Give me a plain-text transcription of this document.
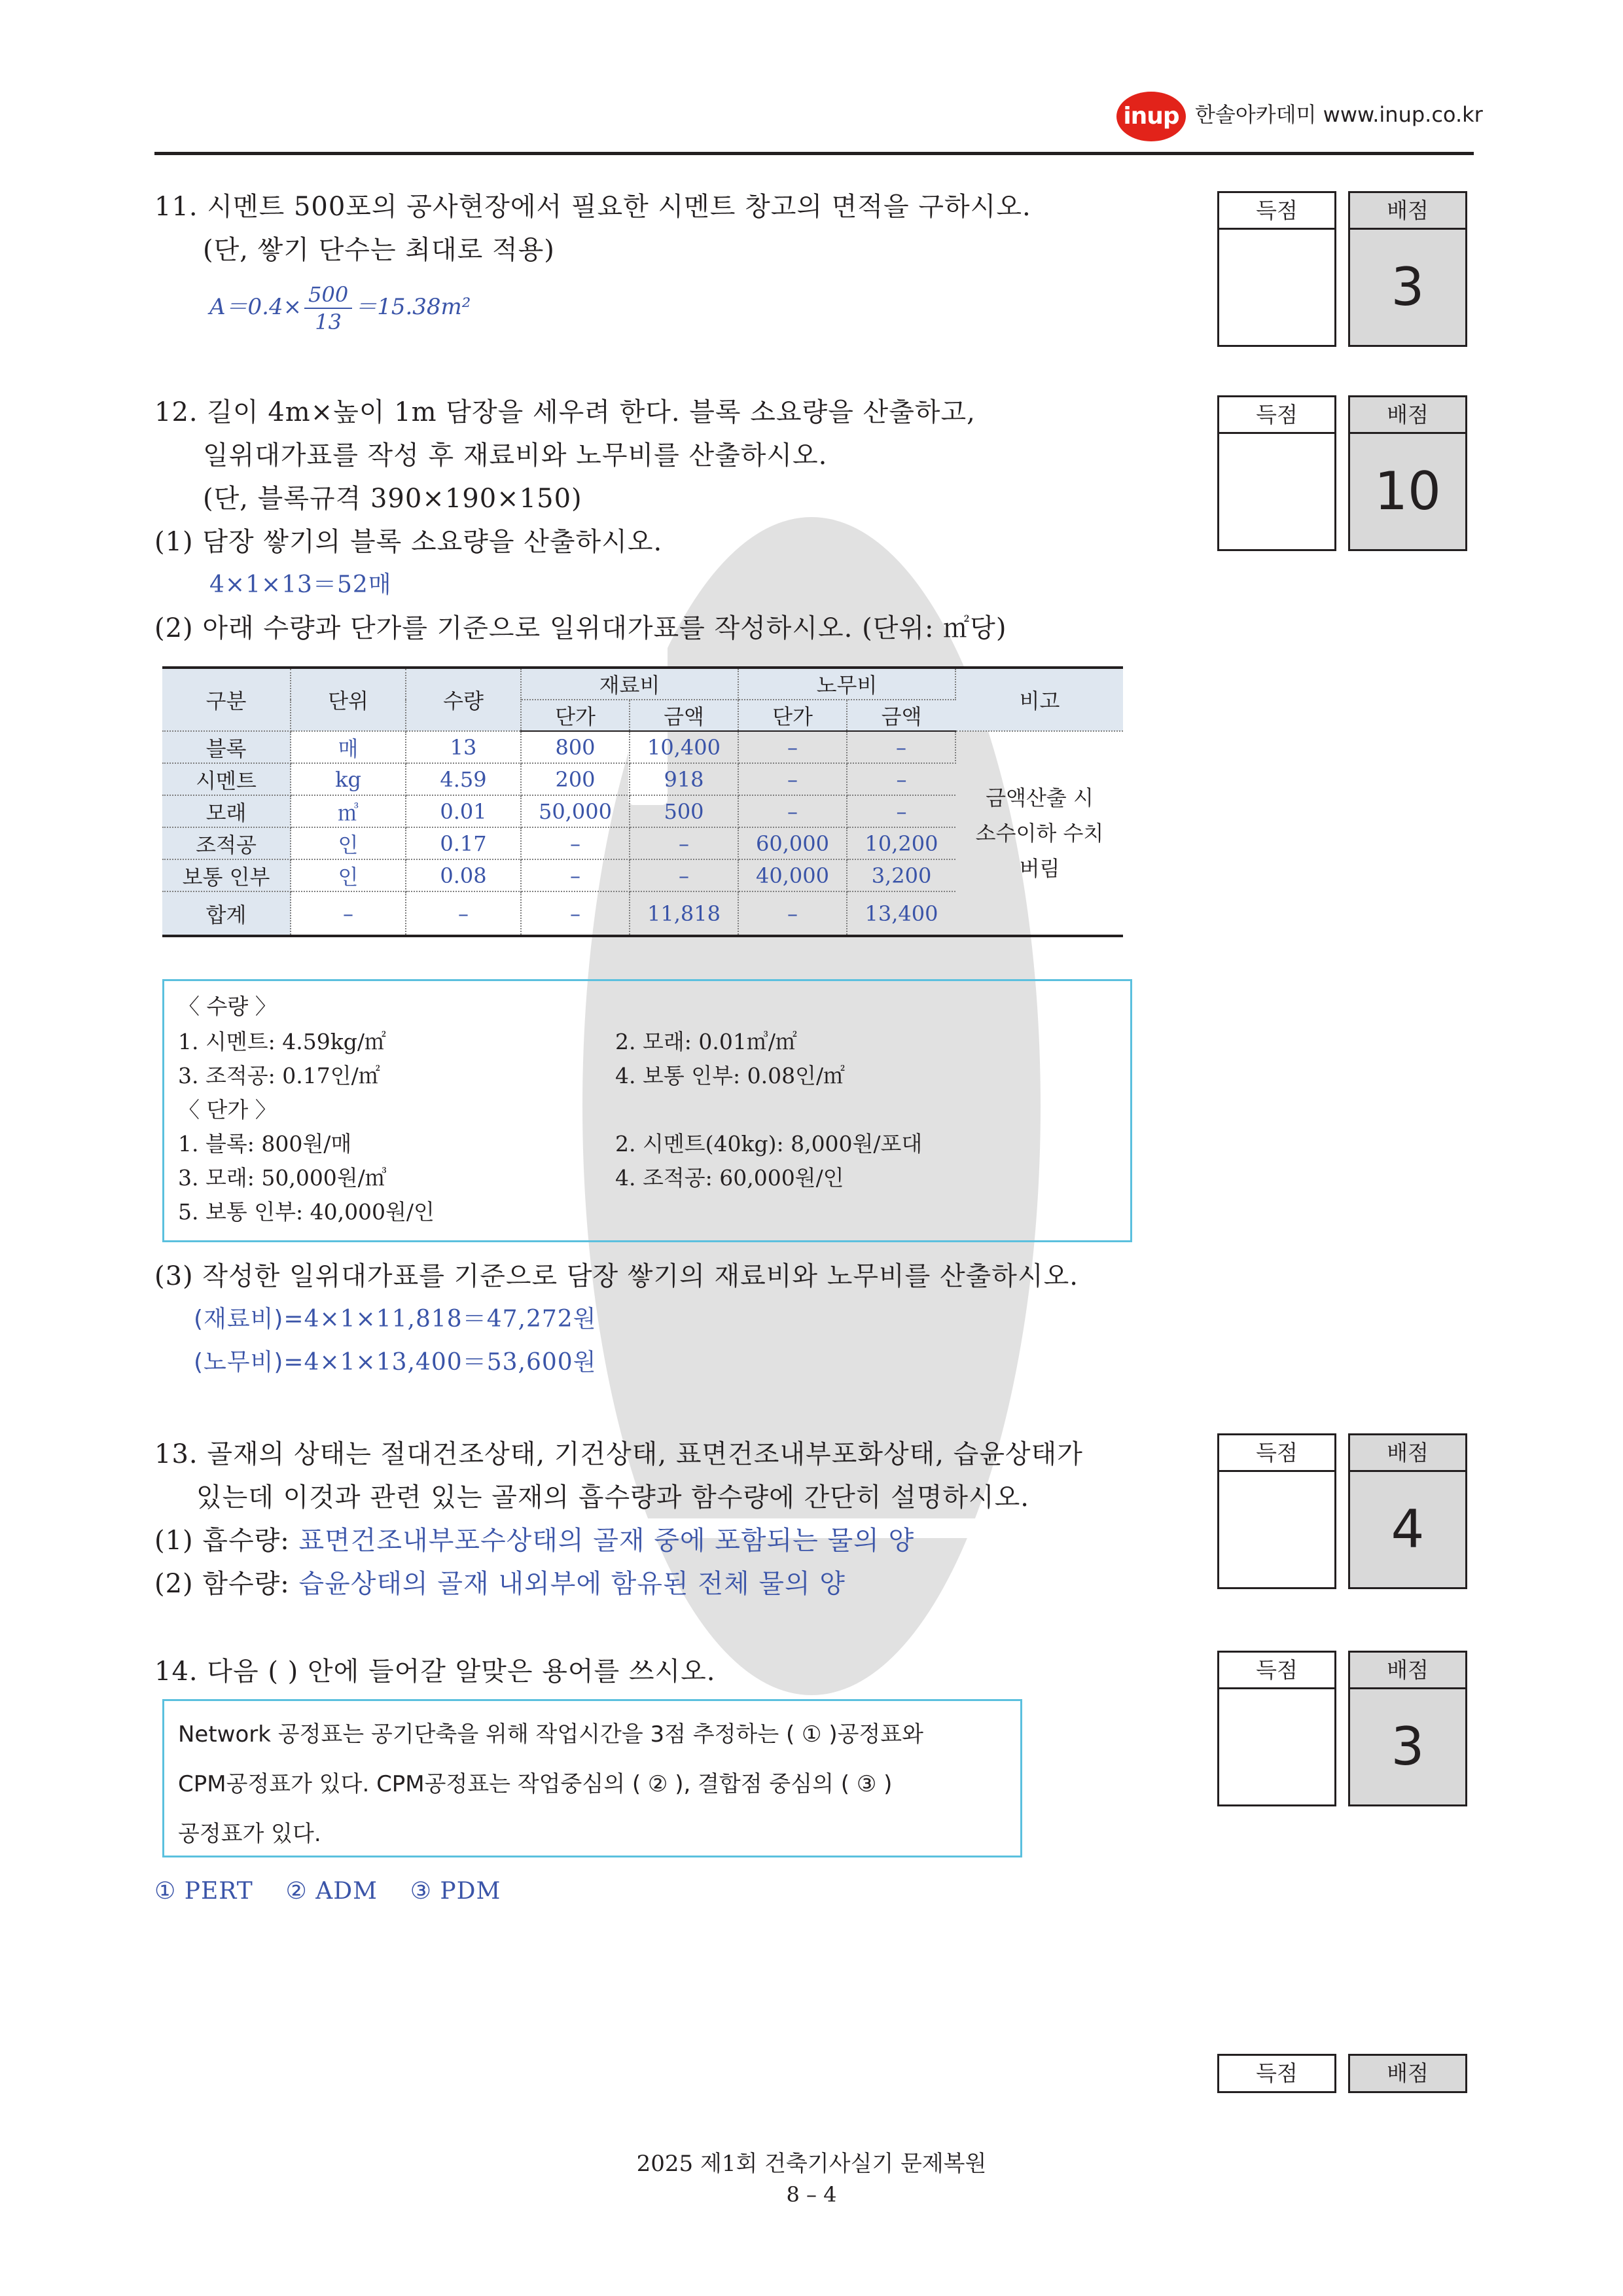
inup 한솔아카데미 www.inup.co.kr
11. 시멘트 500포의 공사현장에서 필요한 시멘트 창고의 면적을 구하시오.
(단, 쌓기 단수는 최대로 적용)
$A=0.4\times \frac{500}{13} =15.38m^2$
득점	배점
3
12. 길이 4m×높이 1m 담장을 세우려 한다. 블록 소요량을 산출하고,
일위대가표를 작성 후 재료비와 노무비를 산출하시오.
(단, 블록규격 390×190×150)
(1) 담장 쌓기의 블록 소요량을 산출하시오.
4×1×13＝52매
(2) 아래 수량과 단가를 기준으로 일위대가표를 작성하시오. (단위: ㎡당)
득점	배점
10
구분	단위	수량	재료비		노무비		비고
			단가	금액	단가	금액	
블록	매	13	800	10,400	–	–	금액산출 시
소수이하 수치
버림

시멘트	kg	4.59	200	918	–	–	
모래	㎥	0.01	50,000	500	–	–	
조적공	인	0.17	–	–	60,000	10,200	
보통 인부	인	0.08	–	–	40,000	3,200	
합계	–	–	–	11,818	–	13,400	
〈 수량 〉
1. 시멘트: 4.59kg/㎡	2. 모래: 0.01㎥/㎡
3. 조적공: 0.17인/㎡	4. 보통 인부: 0.08인/㎡
〈 단가 〉
1. 블록: 800원/매	2. 시멘트(40kg): 8,000원/포대
3. 모래: 50,000원/㎥	4. 조적공: 60,000원/인
5. 보통 인부: 40,000원/인
(3) 작성한 일위대가표를 기준으로 담장 쌓기의 재료비와 노무비를 산출하시오.
(재료비)=4×1×11,818＝47,272원
(노무비)=4×1×13,400＝53,600원
13. 골재의 상태는 절대건조상태, 기건상태, 표면건조내부포화상태, 습윤상태가
있는데 이것과 관련 있는 골재의 흡수량과 함수량에 간단히 설명하시오.
(1) 흡수량: 표면건조내부포수상태의 골재 중에 포함되는 물의 양
(2) 함수량: 습윤상태의 골재 내외부에 함유된 전체 물의 양
득점	배점
4
14. 다음 ( ) 안에 들어갈 알맞은 용어를 쓰시오.
Network 공정표는 공기단축을 위해 작업시간을 3점 추정하는 ( ① )공정표와
CPM공정표가 있다. CPM공정표는 작업중심의 ( ② ), 결합점 중심의 ( ③ )
공정표가 있다.
① PERT ② ADM ③ PDM
득점	배점
3
득점	배점
2025 제1회 건축기사실기 문제복원
8 – 4
